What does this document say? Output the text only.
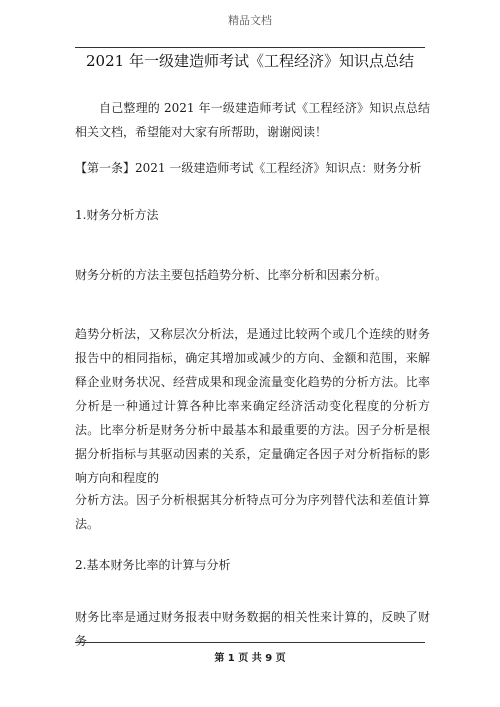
精品文档
2021 年一级建造师考试《工程经济》知识点总结

自己整理的 2021 年一级建造师考试《工程经济》知识点总结相关文档，希望能对大家有所帮助，谢谢阅读！

【第一条】2021 一级建造师考试《工程经济》知识点：财务分析

1.财务分析方法

财务分析的方法主要包括趋势分析、比率分析和因素分析。

趋势分析法，又称层次分析法，是通过比较两个或几个连续的财务报告中的相同指标，确定其增加或减少的方向、金额和范围，来解释企业财务状况、经营成果和现金流量变化趋势的分析方法。比率分析是一种通过计算各种比率来确定经济活动变化程度的分析方法。比率分析是财务分析中最基本和最重要的方法。因子分析是根据分析指标与其驱动因素的关系，定量确定各因子对分析指标的影响方向和程度的

分析方法。因子分析根据其分析特点可分为序列替代法和差值计算法。

2.基本财务比率的计算与分析

财务比率是通过财务报表中财务数据的相关性来计算的，反映了财务

第 1 页 共 9 页
